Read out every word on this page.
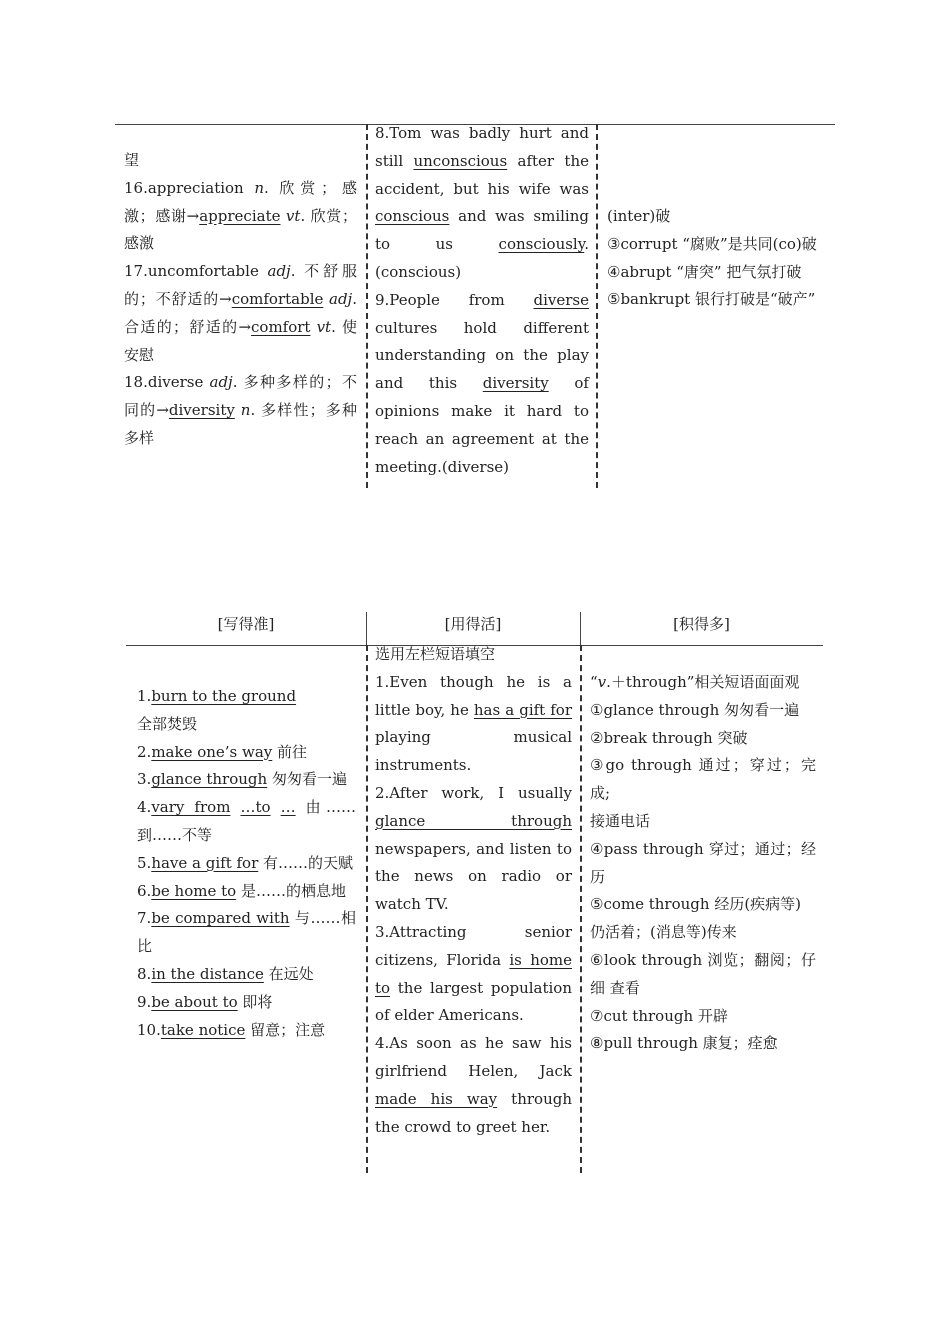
望

16.appreciation n. 欣赏；感激；感谢→appreciate vt. 欣赏；感激

17.uncomfortable adj. 不舒服的；不舒适的→comfortable adj. 合适的；舒适的→comfort vt. 使安慰

18.diverse adj. 多种多样的；不同的→diversity n. 多样性；多种多样

8.Tom was badly hurt and still unconscious after the accident, but his wife was conscious and was smiling to us consciously.(conscious)

9.People from diverse cultures hold different understanding on the play and this diversity of opinions make it hard to reach an agreement at the meeting.(diverse)

(inter)破

③corrupt “腐败”是共同(co)破

④abrupt “唐突” 把气氛打破

⑤bankrupt 银行打破是“破产”

[写得准]	[用得活]	[积得多]

1.burn to the ground

全部焚毁

2.make one’s way 前往

3.glance through 匆匆看一遍

4.vary from …to … 由……到……不等

5.have a gift for 有……的天赋

6.be home to 是……的栖息地

7.be compared with 与……相比

8.in the distance 在远处

9.be about to 即将

10.take notice 留意；注意

选用左栏短语填空

1.Even though he is a little boy, he has a gift for playing musical instruments.

2.After work, I usually glance through newspapers, and listen to the news on radio or watch TV.

3.Attracting senior citizens, Florida is home to the largest population of elder Americans.

4.As soon as he saw his girlfriend Helen, Jack made his way through the crowd to greet her.

“v.＋through”相关短语面面观

①glance through 匆匆看一遍

②break through 突破

③go through 通过；穿过；完成;

接通电话

④pass through 穿过；通过；经历

⑤come through 经历(疾病等)

仍活着；(消息等)传来

⑥look through 浏览；翻阅；仔细 查看

⑦cut through 开辟

⑧pull through 康复；痊愈
